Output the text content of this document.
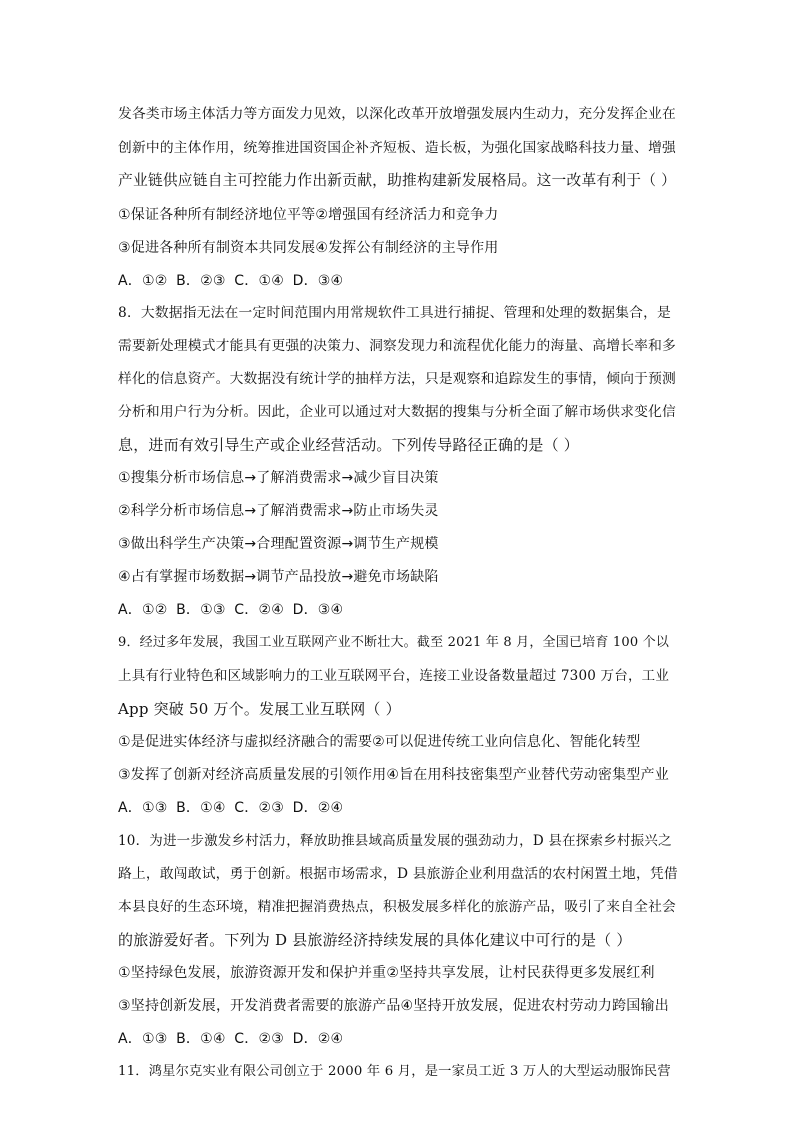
发各类市场主体活力等方面发力见效，以深化改革开放增强发展内生动力，充分发挥企业在
创新中的主体作用，统筹推进国资国企补齐短板、造长板，为强化国家战略科技力量、增强
产业链供应链自主可控能力作出新贡献，助推构建新发展格局。这一改革有利于（ ）
①保证各种所有制经济地位平等②增强国有经济活力和竞争力
③促进各种所有制资本共同发展④发挥公有制经济的主导作用
A．①② B．②③ C．①④ D．③④
8．大数据指无法在一定时间范围内用常规软件工具进行捕捉、管理和处理的数据集合，是
需要新处理模式才能具有更强的决策力、洞察发现力和流程优化能力的海量、高增长率和多
样化的信息资产。大数据没有统计学的抽样方法，只是观察和追踪发生的事情，倾向于预测
分析和用户行为分析。因此，企业可以通过对大数据的搜集与分析全面了解市场供求变化信
息，进而有效引导生产或企业经营活动。下列传导路径正确的是（ ）
①搜集分析市场信息→了解消费需求→减少盲目决策
②科学分析市场信息→了解消费需求→防止市场失灵
③做出科学生产决策→合理配置资源→调节生产规模
④占有掌握市场数据→调节产品投放→避免市场缺陷
A．①② B．①③ C．②④ D．③④
9．经过多年发展，我国工业互联网产业不断壮大。截至 2021 年 8 月，全国已培育 100 个以
上具有行业特色和区域影响力的工业互联网平台，连接工业设备数量超过 7300 万台，工业
App 突破 50 万个。发展工业互联网（ ）
①是促进实体经济与虚拟经济融合的需要②可以促进传统工业向信息化、智能化转型
③发挥了创新对经济高质量发展的引领作用④旨在用科技密集型产业替代劳动密集型产业
A．①③ B．①④ C．②③ D．②④
10．为进一步激发乡村活力，释放助推县域高质量发展的强劲动力，D 县在探索乡村振兴之
路上，敢闯敢试，勇于创新。根据市场需求，D 县旅游企业利用盘活的农村闲置土地，凭借
本县良好的生态环境，精准把握消费热点，积极发展多样化的旅游产品，吸引了来自全社会
的旅游爱好者。下列为 D 县旅游经济持续发展的具体化建议中可行的是（ ）
①坚持绿色发展，旅游资源开发和保护并重②坚持共享发展，让村民获得更多发展红利
③坚持创新发展，开发消费者需要的旅游产品④坚持开放发展，促进农村劳动力跨国输出
A．①③ B．①④ C．②③ D．②④
11．鸿星尔克实业有限公司创立于 2000 年 6 月，是一家员工近 3 万人的大型运动服饰民营
